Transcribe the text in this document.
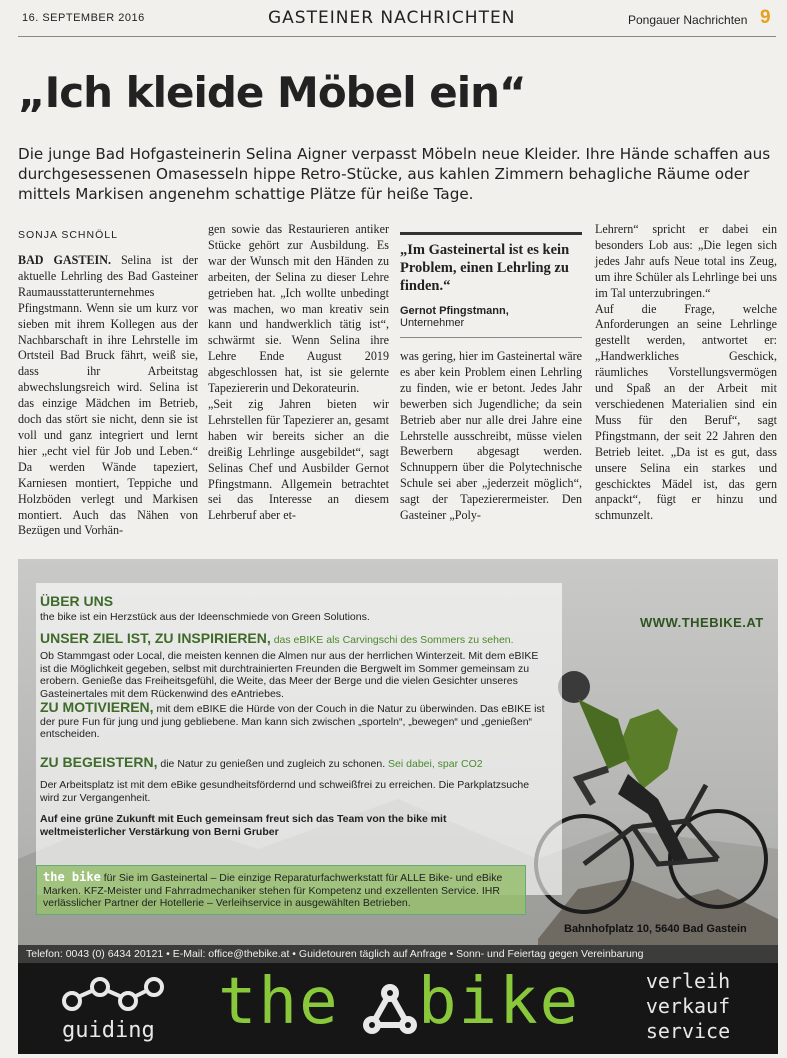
16. SEPTEMBER 2016	GASTEINER NACHRICHTEN	Pongauer Nachrichten 9
„Ich kleide Möbel ein“
Die junge Bad Hofgasteinerin Selina Aigner verpasst Möbeln neue Kleider. Ihre Hände schaffen aus durchgesessenen Omasesseln hippe Retro-Stücke, aus kahlen Zimmern behagliche Räume oder mittels Markisen angenehm schattige Plätze für heiße Tage.
SONJA SCHNÖLL
BAD GASTEIN. Selina ist der aktuelle Lehrling des Bad Gasteiner Raumausstatterunternehmes Pfingstmann. Wenn sie um kurz vor sieben mit ihrem Kollegen aus der Nachbarschaft in ihre Lehrstelle im Ortsteil Bad Bruck fährt, weiß sie, dass ihr Arbeitstag abwechslungsreich wird. Selina ist das einzige Mädchen im Betrieb, doch das stört sie nicht, denn sie ist voll und ganz integriert und lernt hier „echt viel für Job und Leben.“ Da werden Wände tapeziert, Karniesen montiert, Teppiche und Holzböden verlegt und Markisen montiert. Auch das Nähen von Bezügen und Vorhän-
gen sowie das Restaurieren antiker Stücke gehört zur Ausbildung. Es war der Wunsch mit den Händen zu arbeiten, der Selina zu dieser Lehre getrieben hat. „Ich wollte unbedingt was machen, wo man kreativ sein kann und handwerklich tätig ist“, schwärmt sie. Wenn Selina ihre Lehre Ende August 2019 abgeschlossen hat, ist sie gelernte Tapeziererin und Dekorateurin.
„Seit zig Jahren bieten wir Lehrstellen für Tapezierer an, gesamt haben wir bereits sicher an die dreißig Lehrlinge ausgebildet“, sagt Selinas Chef und Ausbilder Gernot Pfingstmann. Allgemein betrachtet sei das Interesse an diesem Lehrberuf aber et-
„Im Gasteinertal ist es kein Problem, einen Lehrling zu finden.“
Gernot Pfingstmann,
Unternehmer
was gering, hier im Gasteinertal wäre es aber kein Problem einen Lehrling zu finden, wie er betont. Jedes Jahr bewerben sich Jugendliche; da sein Betrieb aber nur alle drei Jahre eine Lehrstelle ausschreibt, müsse vielen Bewerbern abgesagt werden. Schnuppern über die Polytechnische Schule sei aber „jederzeit möglich“, sagt der Tapezierermeister. Den Gasteiner „Poly-
Lehrern“ spricht er dabei ein besonders Lob aus: „Die legen sich jedes Jahr aufs Neue total ins Zeug, um ihre Schüler als Lehrlinge bei uns im Tal unterzubringen.“
Auf die Frage, welche Anforderungen an seine Lehrlinge gestellt werden, antwortet er: „Handwerkliches Geschick, räumliches Vorstellungsvermögen und Spaß an der Arbeit mit verschiedenen Materialien sind ein Muss für den Beruf“, sagt Pfingstmann, der seit 22 Jahren den Betrieb leitet. „Da ist es gut, dass unsere Selina ein starkes und geschicktes Mädel ist, das gern anpackt“, fügt er hinzu und schmunzelt.
WWW.THEBIKE.AT
ÜBER UNS
the bike ist ein Herzstück aus der Ideenschmiede von Green Solutions.
UNSER ZIEL IST, ZU INSPIRIEREN, das eBIKE als Carvingschi des Sommers zu sehen.
Ob Stammgast oder Local, die meisten kennen die Almen nur aus der herrlichen Winterzeit. Mit dem eBIKE ist die Möglichkeit gegeben, selbst mit durchtrainierten Freunden die Bergwelt im Sommer gemeinsam zu erobern. Genieße das Freiheitsgefühl, die Weite, das Meer der Berge und die vielen Gesichter unseres Gasteinertales mit dem Rückenwind des eAntriebes.
ZU MOTIVIEREN, mit dem eBIKE die Hürde von der Couch in die Natur zu überwinden. Das eBIKE ist der pure Fun für jung und jung gebliebene. Man kann sich zwischen „sporteln“, „bewegen“ und „genießen“ entscheiden.
ZU BEGEISTERN, die Natur zu genießen und zugleich zu schonen. Sei dabei, spar CO2
Der Arbeitsplatz ist mit dem eBike gesundheitsfördernd und schweißfrei zu erreichen. Die Parkplatzsuche wird zur Vergangenheit.
Auf eine grüne Zukunft mit Euch gemeinsam freut sich das Team von the bike mit weltmeisterlicher Verstärkung von Berni Gruber
the bike für Sie im Gasteinertal – Die einzige Reparaturfachwerkstatt für ALLE Bike- und eBike Marken. KFZ-Meister und Fahrradmechaniker stehen für Kompetenz und exzellenten Service. IHR verlässlicher Partner der Hotellerie – Verleihservice in ausgewählten Betrieben.
Bahnhofplatz 10, 5640 Bad Gastein
Telefon: 0043 (0) 6434 20121 • E-Mail: office@thebike.at • Guidetouren täglich auf Anfrage • Sonn- und Feiertag gegen Vereinbarung
guiding the bike	verleih
verkauf
service
